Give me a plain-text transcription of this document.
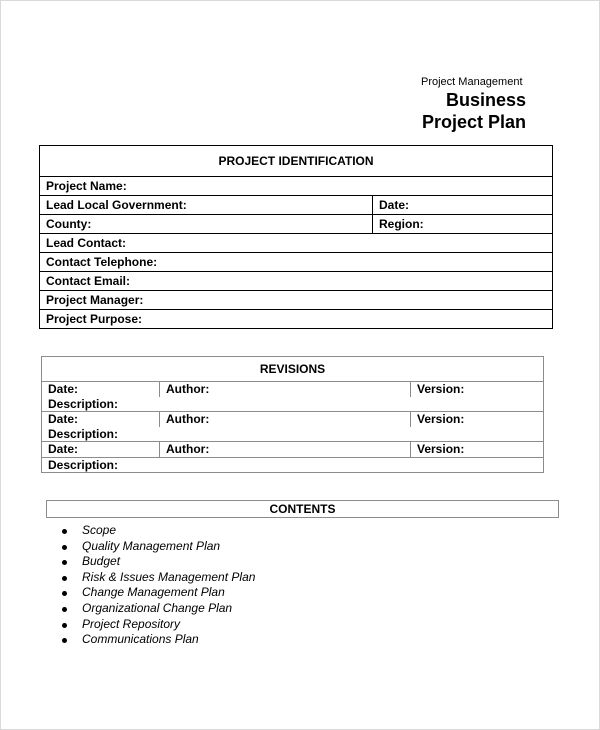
Project Management
Business
Project Plan
PROJECT IDENTIFICATION	
Project Name:	
Lead Local Government:	Date:
County:	Region:
Lead Contact:	
Contact Telephone:	
Contact Email:	
Project Manager:	
Project Purpose:	
REVISIONS		
Date:	Author:	Version:
Description:		
Date:	Author:	Version:
Description:		
Date:	Author:	Version:
Description:		
CONTENTS
Scope
Quality Management Plan
Budget
Risk & Issues Management Plan
Change Management Plan
Organizational Change Plan
Project Repository
Communications Plan
